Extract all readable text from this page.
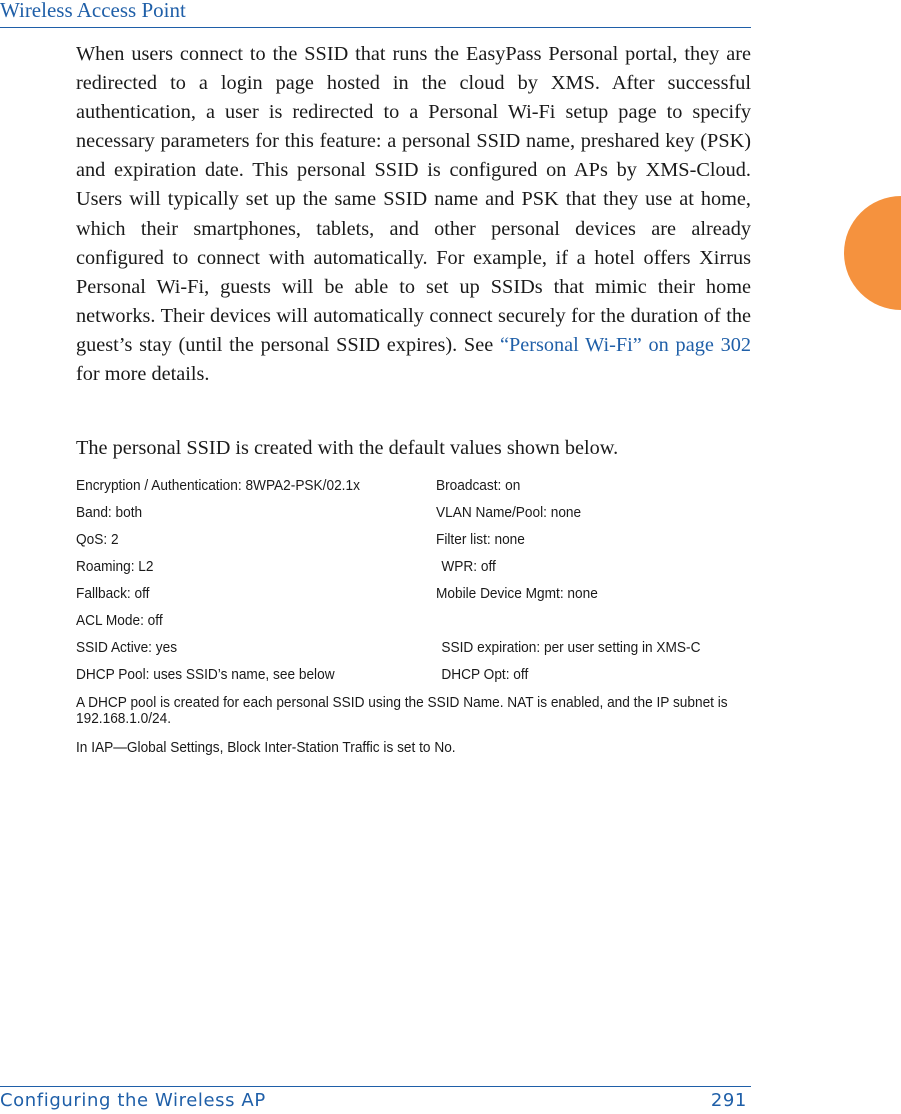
Wireless Access Point

When users connect to the SSID that runs the EasyPass Personal portal, they are redirected to a login page hosted in the cloud by XMS. After successful authentication, a user is redirected to a Personal Wi-Fi setup page to specify necessary parameters for this feature: a personal SSID name, preshared key (PSK) and expiration date. This personal SSID is configured on APs by XMS-Cloud. Users will typically set up the same SSID name and PSK that they use at home, which their smartphones, tablets, and other personal devices are already configured to connect with automatically. For example, if a hotel offers Xirrus Personal Wi-Fi, guests will be able to set up SSIDs that mimic their home networks. Their devices will automatically connect securely for the duration of the guest’s stay (until the personal SSID expires). See “Personal Wi-Fi” on page 302 for more details.

The personal SSID is created with the default values shown below.

Encryption / Authentication: 8WPA2-PSK/02.1x	Broadcast: on
Band: both	VLAN Name/Pool: none
QoS: 2	Filter list: none
Roaming: L2	WPR: off
Fallback: off	Mobile Device Mgmt: none
ACL Mode: off
SSID Active: yes	SSID expiration: per user setting in XMS-C
DHCP Pool: uses SSID’s name, see below	DHCP Opt: off

A DHCP pool is created for each personal SSID using the SSID Name. NAT is enabled, and the IP subnet is 192.168.1.0/24.

In IAP—Global Settings, Block Inter-Station Traffic is set to No.

Configuring the Wireless AP	291
